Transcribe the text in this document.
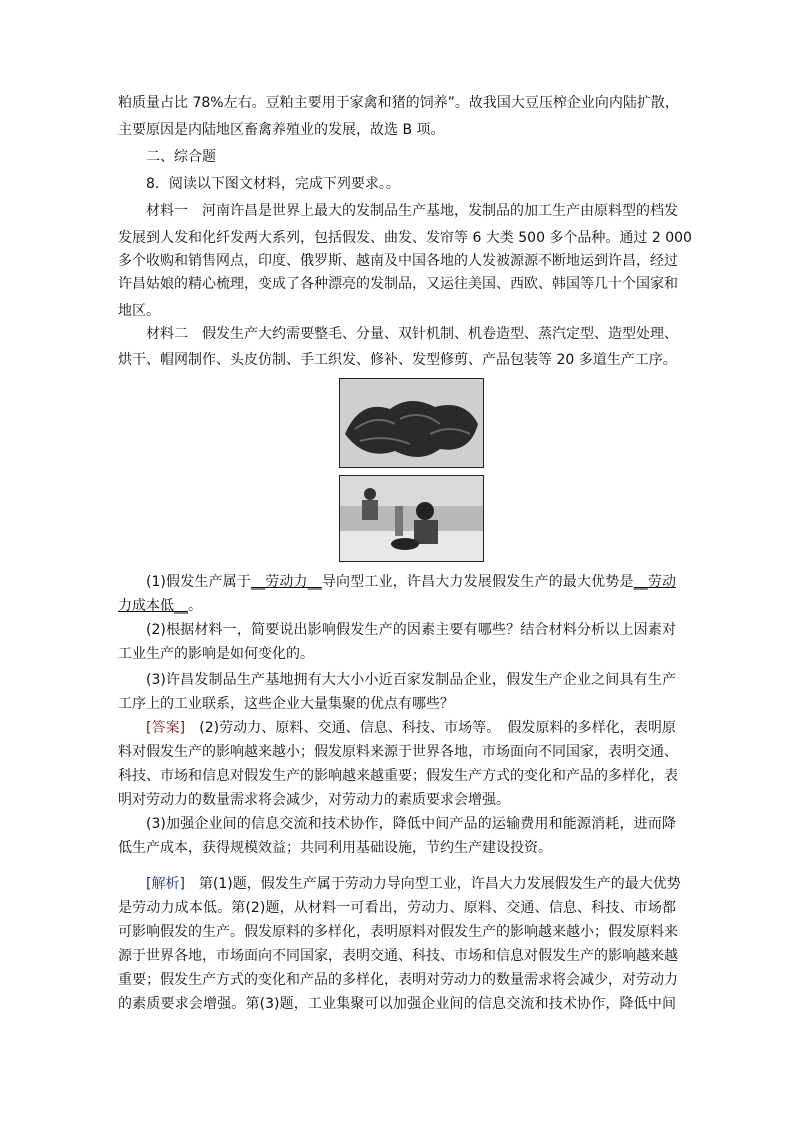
粕质量占比 78%左右。豆粕主要用于家禽和猪的饲养”。故我国大豆压榨企业向内陆扩散，
主要原因是内陆地区畜禽养殖业的发展，故选 B 项。
二、综合题
8．阅读以下图文材料，完成下列要求。。
材料一　河南许昌是世界上最大的发制品生产基地，发制品的加工生产由原料型的档发
发展到人发和化纤发两大系列，包括假发、曲发、发帘等 6 大类 500 多个品种。通过 2 000
多个收购和销售网点，印度、俄罗斯、越南及中国各地的人发被源源不断地运到许昌，经过
许昌姑娘的精心梳理，变成了各种漂亮的发制品，又运往美国、西欧、韩国等几十个国家和
地区。
材料二　假发生产大约需要整毛、分量、双针机制、机卷造型、蒸汽定型、造型处理、
烘干、帽网制作、头皮仿制、手工织发、修补、发型修剪、产品包装等 20 多道生产工序。
(1)假发生产属于__劳动力__导向型工业，许昌大力发展假发生产的最大优势是__劳动
力成本低__。
(2)根据材料一，简要说出影响假发生产的因素主要有哪些？结合材料分析以上因素对
工业生产的影响是如何变化的。
(3)许昌发制品生产基地拥有大大小小近百家发制品企业，假发生产企业之间具有生产
工序上的工业联系，这些企业大量集聚的优点有哪些？
[答案]　(2)劳动力、原料、交通、信息、科技、市场等。　假发原料的多样化，表明原
料对假发生产的影响越来越小；假发原料来源于世界各地，市场面向不同国家，表明交通、
科技、市场和信息对假发生产的影响越来越重要；假发生产方式的变化和产品的多样化，表
明对劳动力的数量需求将会减少，对劳动力的素质要求会增强。
(3)加强企业间的信息交流和技术协作，降低中间产品的运输费用和能源消耗，进而降
低生产成本，获得规模效益；共同利用基础设施，节约生产建设投资。
[解析]　第(1)题，假发生产属于劳动力导向型工业，许昌大力发展假发生产的最大优势
是劳动力成本低。第(2)题，从材料一可看出，劳动力、原料、交通、信息、科技、市场都
可影响假发的生产。假发原料的多样化，表明原料对假发生产的影响越来越小；假发原料来
源于世界各地，市场面向不同国家，表明交通、科技、市场和信息对假发生产的影响越来越
重要；假发生产方式的变化和产品的多样化，表明对劳动力的数量需求将会减少，对劳动力
的素质要求会增强。第(3)题，工业集聚可以加强企业间的信息交流和技术协作，降低中间
